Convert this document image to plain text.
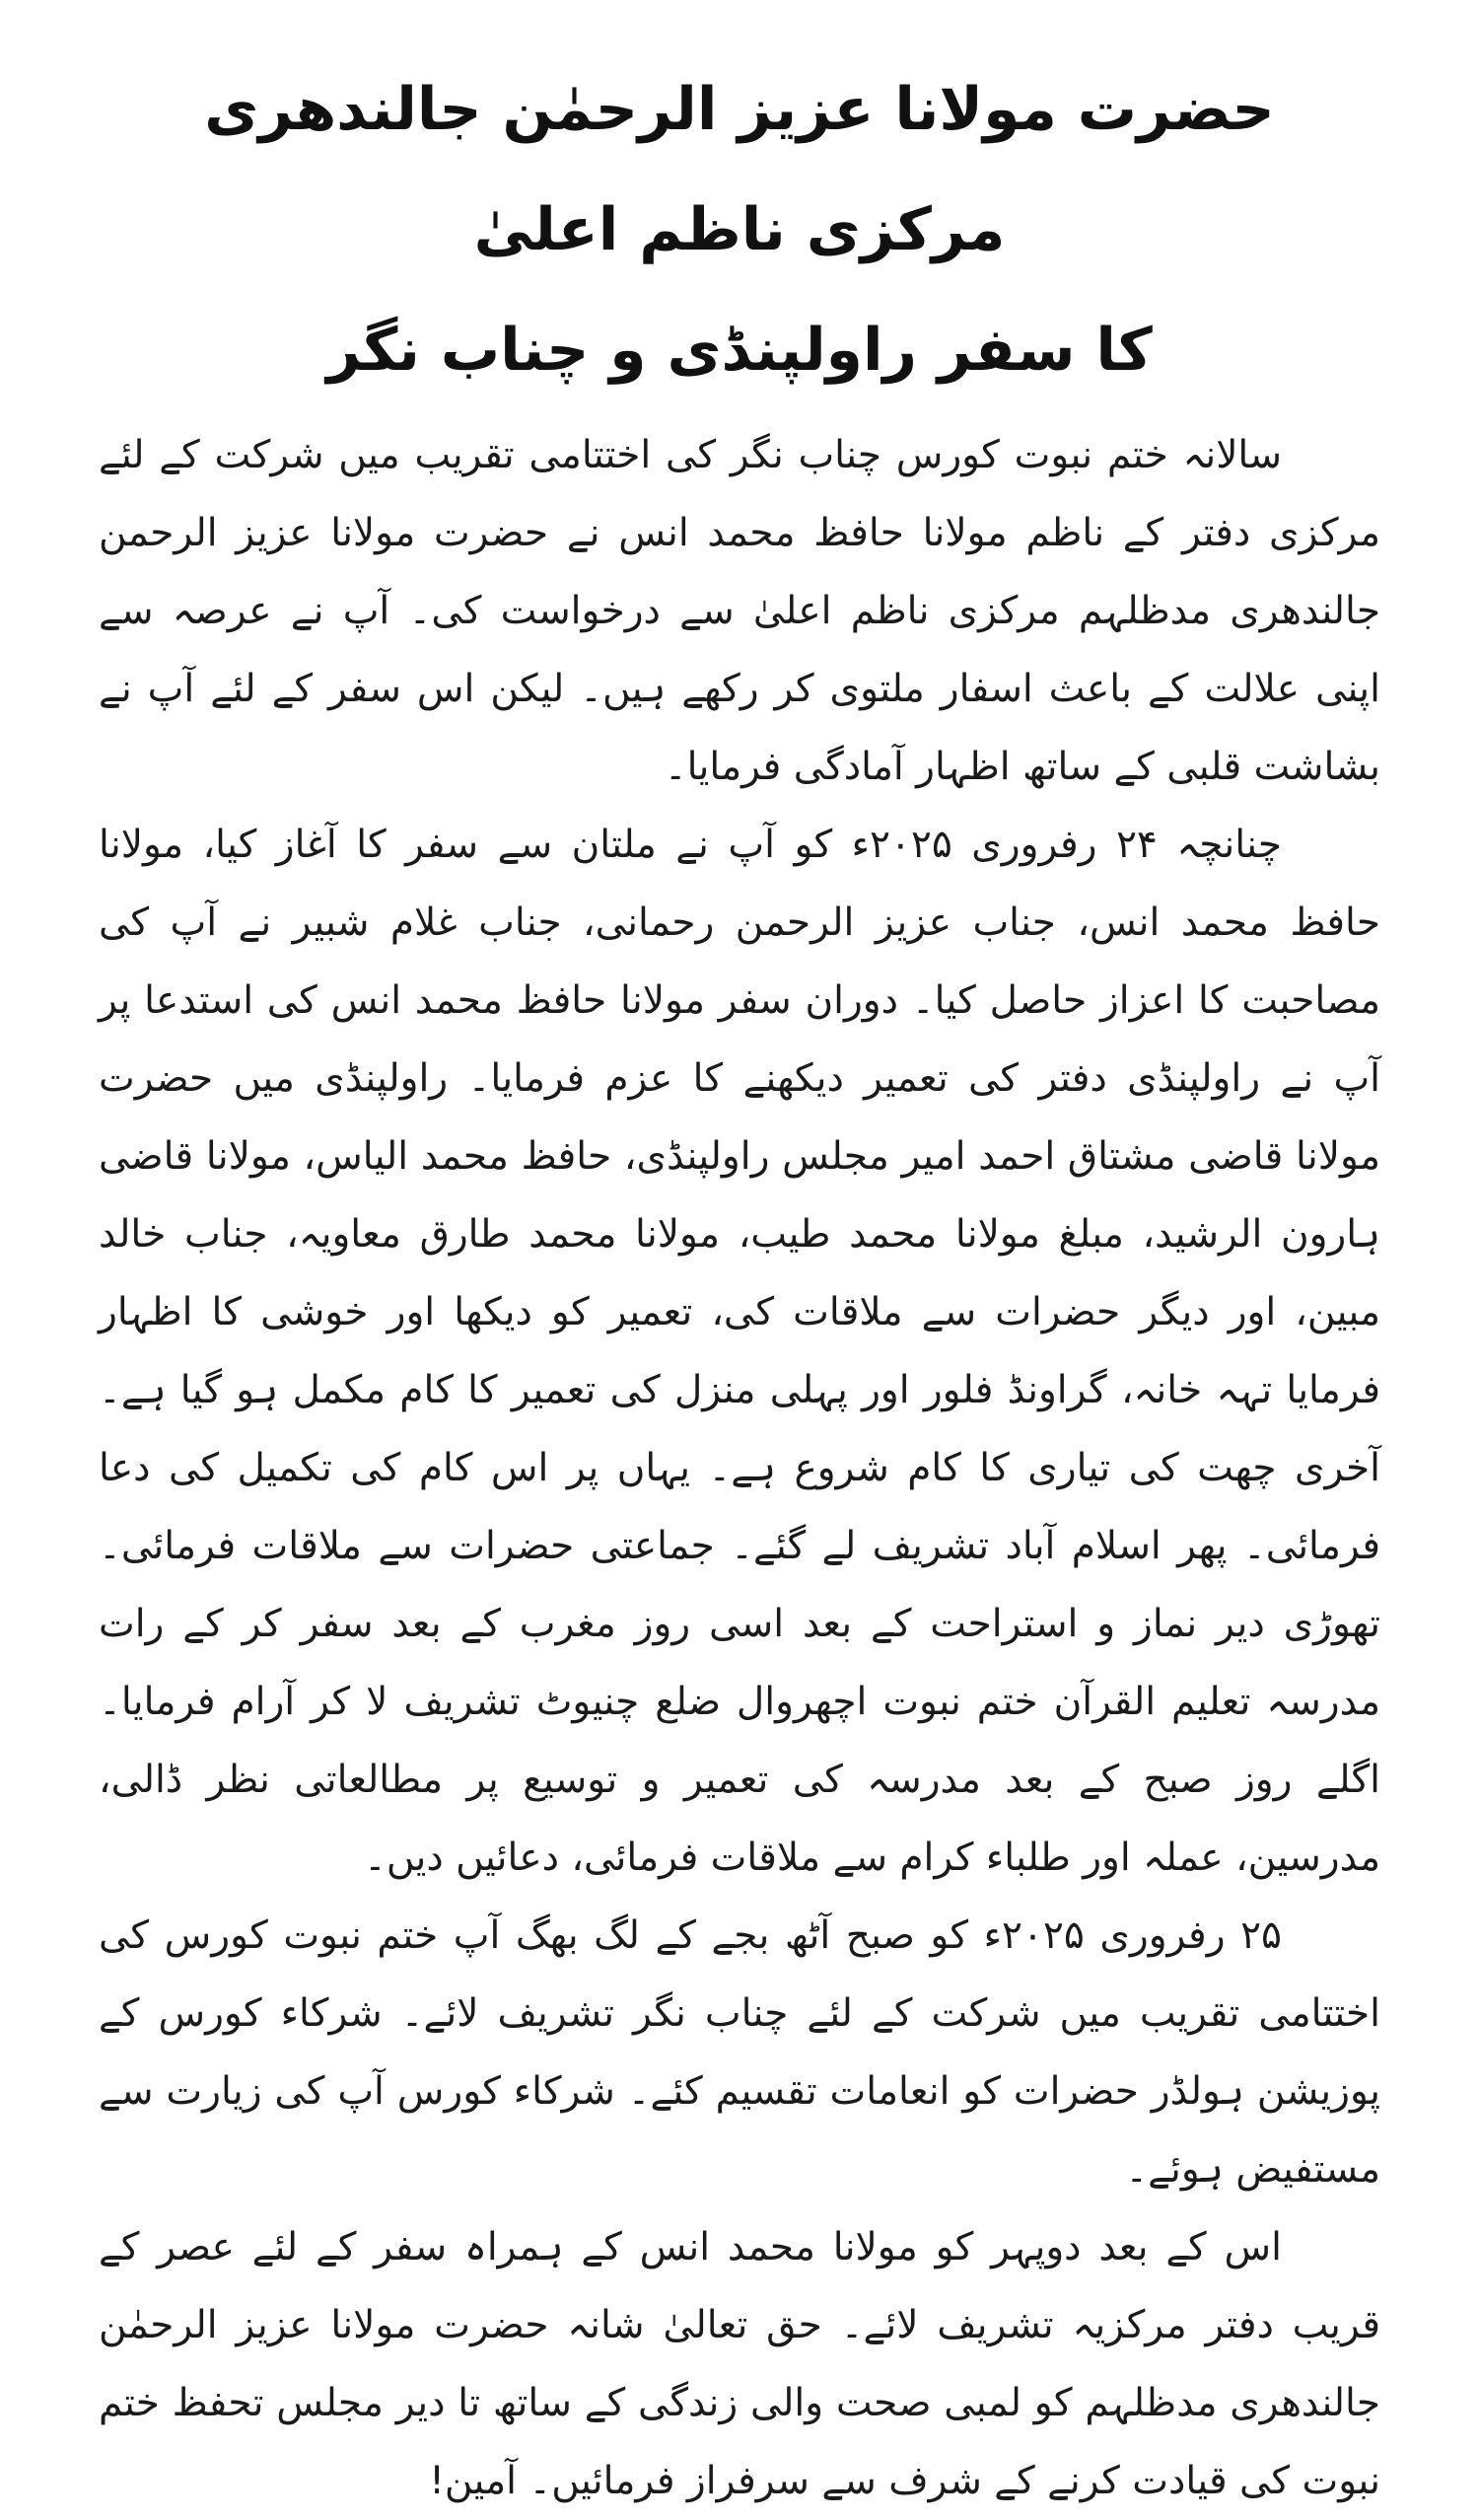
حضرت مولانا عزیز الرحمٰن جالندھری مرکزی ناظم اعلیٰ
کا سفر راولپنڈی و چناب نگر

سالانہ ختم نبوت کورس چناب نگر کی اختتامی تقریب میں شرکت کے لئے مرکزی دفتر کے ناظم مولانا حافظ محمد انس نے حضرت مولانا عزیز الرحمن جالندھری مدظلہم مرکزی ناظم اعلیٰ سے درخواست کی۔ آپ نے عرصہ سے اپنی علالت کے باعث اسفار ملتوی کر رکھے ہیں۔ لیکن اس سفر کے لئے آپ نے بشاشت قلبی کے ساتھ اظہار آمادگی فرمایا۔

چنانچہ ۲۴ رفروری ۲۰۲۵ء کو آپ نے ملتان سے سفر کا آغاز کیا، مولانا حافظ محمد انس، جناب عزیز الرحمن رحمانی، جناب غلام شبیر نے آپ کی مصاحبت کا اعزاز حاصل کیا۔ دوران سفر مولانا حافظ محمد انس کی استدعا پر آپ نے راولپنڈی دفتر کی تعمیر دیکھنے کا عزم فرمایا۔ راولپنڈی میں حضرت مولانا قاضی مشتاق احمد امیر مجلس راولپنڈی، حافظ محمد الیاس، مولانا قاضی ہارون الرشید، مبلغ مولانا محمد طیب، مولانا محمد طارق معاویہ، جناب خالد مبین، اور دیگر حضرات سے ملاقات کی، تعمیر کو دیکھا اور خوشی کا اظہار فرمایا تہہ خانہ، گراونڈ فلور اور پہلی منزل کی تعمیر کا کام مکمل ہو گیا ہے۔ آخری چھت کی تیاری کا کام شروع ہے۔ یہاں پر اس کام کی تکمیل کی دعا فرمائی۔ پھر اسلام آباد تشریف لے گئے۔ جماعتی حضرات سے ملاقات فرمائی۔ تھوڑی دیر نماز و استراحت کے بعد اسی روز مغرب کے بعد سفر کر کے رات مدرسہ تعلیم القرآن ختم نبوت اچھروال ضلع چنیوٹ تشریف لا کر آرام فرمایا۔ اگلے روز صبح کے بعد مدرسہ کی تعمیر و توسیع پر مطالعاتی نظر ڈالی، مدرسین، عملہ اور طلباء کرام سے ملاقات فرمائی، دعائیں دیں۔

۲۵ رفروری ۲۰۲۵ء کو صبح آٹھ بجے کے لگ بھگ آپ ختم نبوت کورس کی اختتامی تقریب میں شرکت کے لئے چناب نگر تشریف لائے۔ شرکاء کورس کے پوزیشن ہولڈر حضرات کو انعامات تقسیم کئے۔ شرکاء کورس آپ کی زیارت سے مستفیض ہوئے۔

اس کے بعد دوپہر کو مولانا محمد انس کے ہمراہ سفر کے لئے عصر کے قریب دفتر مرکزیہ تشریف لائے۔ حق تعالیٰ شانہ حضرت مولانا عزیز الرحمٰن جالندھری مدظلہم کو لمبی صحت والی زندگی کے ساتھ تا دیر مجلس تحفظ ختم نبوت کی قیادت کرنے کے شرف سے سرفراز فرمائیں۔ آمین!
